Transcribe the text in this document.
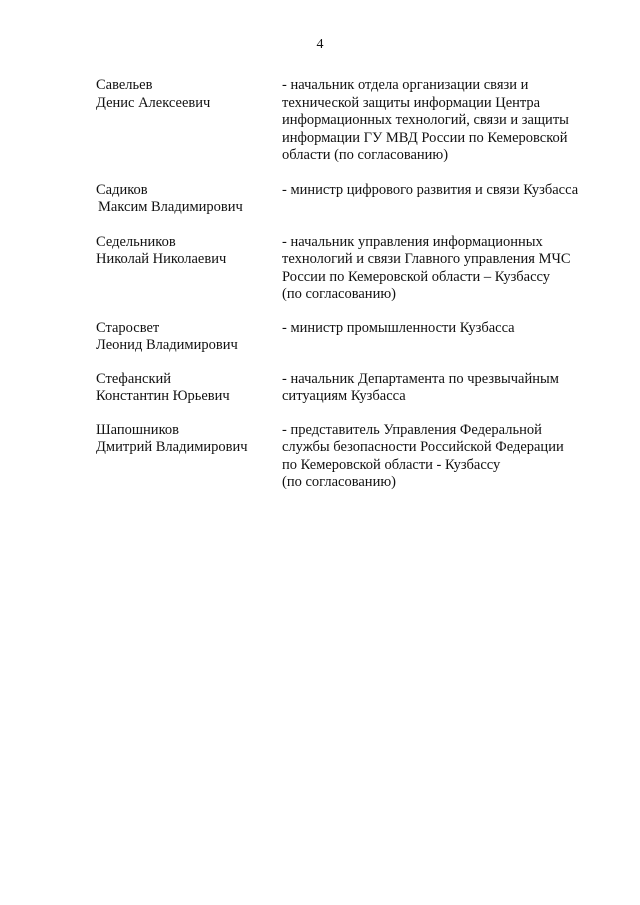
4
Савельев
Денис Алексеевич
- начальник отдела организации связи и
технической защиты информации Центра
информационных технологий, связи и защиты
информации ГУ МВД России по Кемеровской
области (по согласованию)
Садиков
Максим Владимирович
- министр цифрового развития и связи Кузбасса
Седельников
Николай Николаевич
- начальник управления информационных
технологий и связи Главного управления МЧС
России по Кемеровской области – Кузбассу
(по согласованию)
Старосвет
Леонид Владимирович
- министр промышленности Кузбасса
Стефанский
Константин Юрьевич
- начальник Департамента по чрезвычайным
ситуациям Кузбасса
Шапошников
Дмитрий Владимирович
- представитель Управления Федеральной
службы безопасности Российской Федерации
по Кемеровской области - Кузбассу
(по согласованию)
